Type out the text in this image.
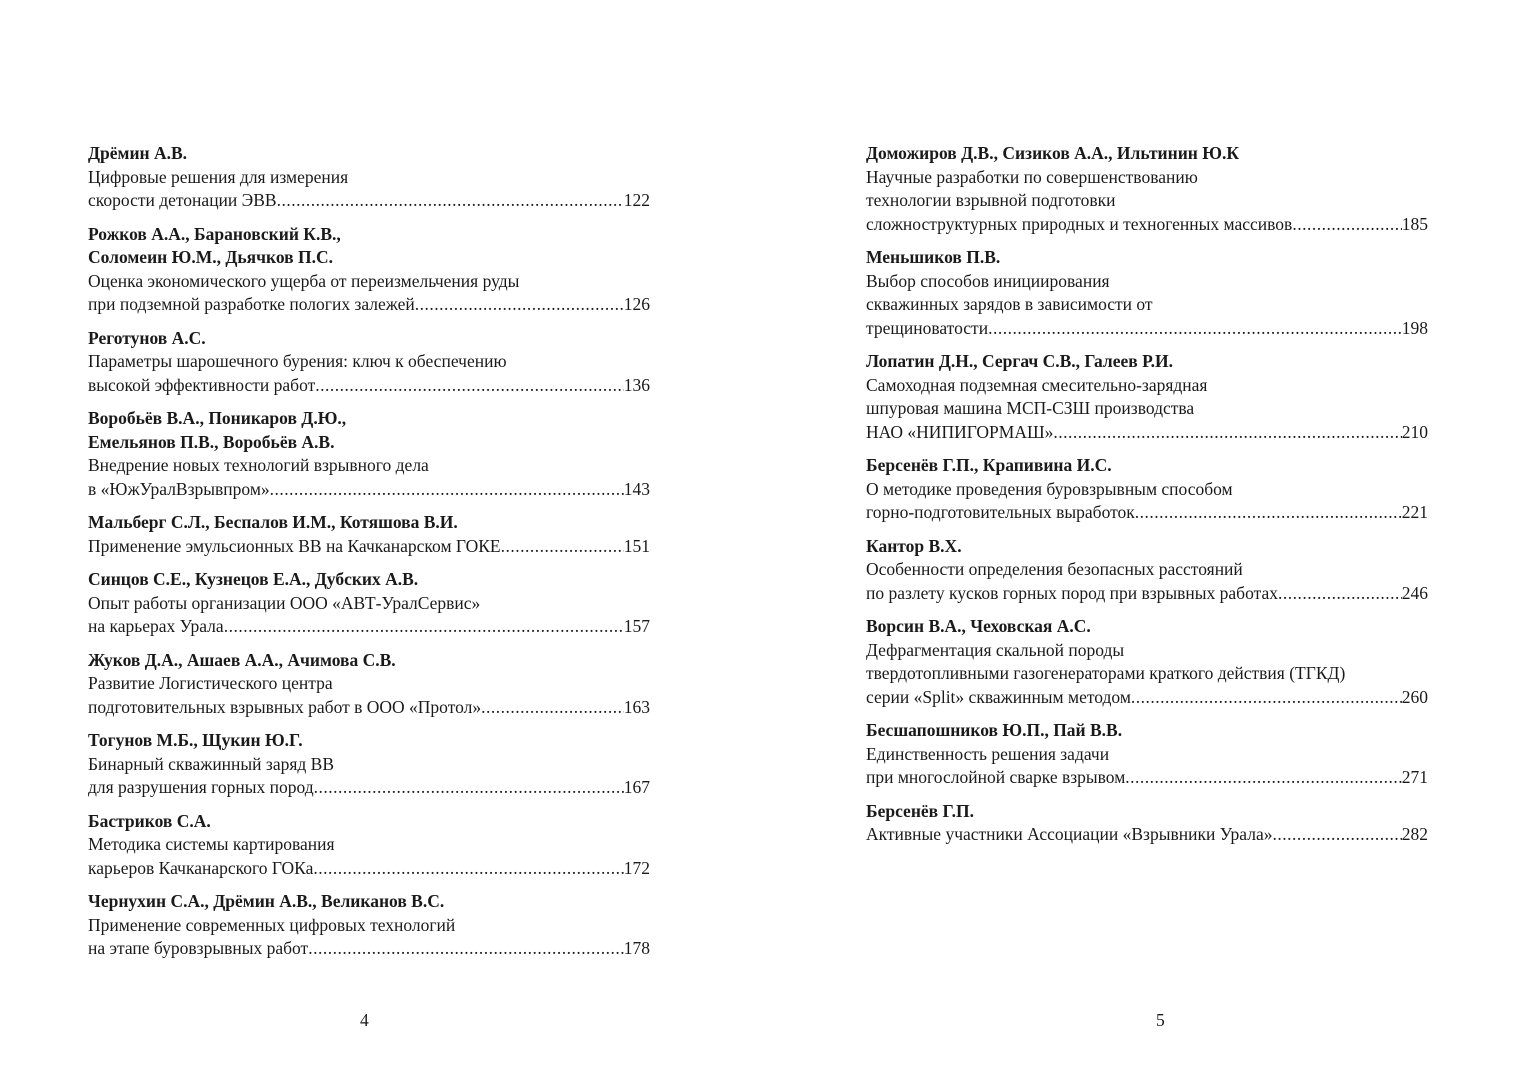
Дрёмин А.В.
Цифровые решения для измерения
скорости детонации ЭВВ .....	122
Рожков А.А., Барановский К.В.,
Соломеин Ю.М., Дьячков П.С.
Оценка экономического ущерба от переизмельчения руды
при подземной разработке пологих залежей .....	126
Реготунов А.С.
Параметры шарошечного бурения: ключ к обеспечению
высокой эффективности работ .....	136
Воробьёв В.А., Поникаров Д.Ю.,
Емельянов П.В., Воробьёв А.В.
Внедрение новых технологий взрывного дела
в «ЮжУралВзрывпром» .....	143
Мальберг С.Л., Беспалов И.М., Котяшова В.И.
Применение эмульсионных ВВ на Качканарском ГОКЕ .....	151
Синцов С.Е., Кузнецов Е.А., Дубских А.В.
Опыт работы организации ООО «АВТ-УралСервис»
на карьерах Урала .....	157
Жуков Д.А., Ашаев А.А., Ачимова С.В.
Развитие Логистического центра
подготовительных взрывных работ в ООО «Протол» .....	163
Тогунов М.Б., Щукин Ю.Г.
Бинарный скважинный заряд ВВ
для разрушения горных пород .....	167
Бастриков С.А.
Методика системы картирования
карьеров Качканарского ГОКа .....	172
Чернухин С.А., Дрёмин А.В., Великанов В.С.
Применение современных цифровых технологий
на этапе буровзрывных работ .....	178
Доможиров Д.В., Сизиков А.А., Ильтинин Ю.К
Научные разработки по совершенствованию
технологии взрывной подготовки
сложноструктурных природных и техногенных массивов .....	185
Меньшиков П.В.
Выбор способов инициирования
скважинных зарядов в зависимости от
трещиноватости .....	198
Лопатин Д.Н., Сергач С.В., Галеев Р.И.
Самоходная подземная смесительно-зарядная
шпуровая машина МСП-СЗШ производства
НАО «НИПИГОРМАШ» .....	210
Берсенёв Г.П., Крапивина И.С.
О методике проведения буровзрывным способом
горно-подготовительных выработок .....	221
Кантор В.Х.
Особенности определения безопасных расстояний
по разлету кусков горных пород при взрывных работах .....	246
Ворсин В.А., Чеховская А.С.
Дефрагментация скальной породы
твердотопливными газогенераторами краткого действия (ТГКД)
серии «Split» скважинным методом .....	260
Бесшапошников Ю.П., Пай В.В.
Единственность решения задачи
при многослойной сварке взрывом .....	271
Берсенёв Г.П.
Активные участники Ассоциации «Взрывники Урала» .....	282
4	5
